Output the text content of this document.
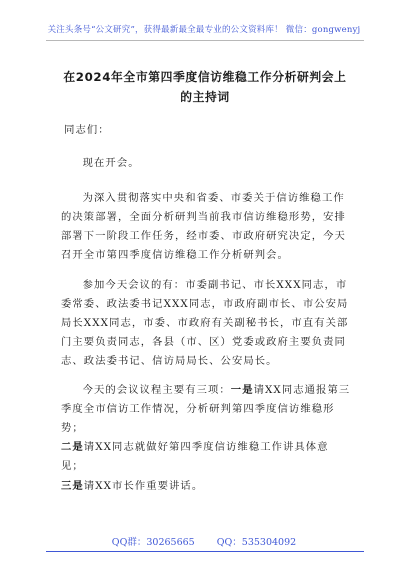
关注头条号“公文研究”，获得最新最全最专业的公文资料库！ 微信：gongwenyj
在2024年全市第四季度信访维稳工作分析研判会上的主持词

同志们：

现在开会。

为深入贯彻落实中央和省委、市委关于信访维稳工作的决策部署，全面分析研判当前我市信访维稳形势，安排部署下一阶段工作任务，经市委、市政府研究决定，今天召开全市第四季度信访维稳工作分析研判会。

参加今天会议的有：市委副书记、市长XXX同志，市委常委、政法委书记XXX同志，市政府副市长、市公安局局长XXX同志，市委、市政府有关副秘书长，市直有关部门主要负责同志，各县（市、区）党委或政府主要负责同志、政法委书记、信访局局长、公安局长。

今天的会议议程主要有三项：一是请XX同志通报第三季度全市信访工作情况，分析研判第四季度信访维稳形势；
二是请XX同志就做好第四季度信访维稳工作讲具体意见；
三是请XX市长作重要讲话。

QQ群：30265665 QQ：535304092
